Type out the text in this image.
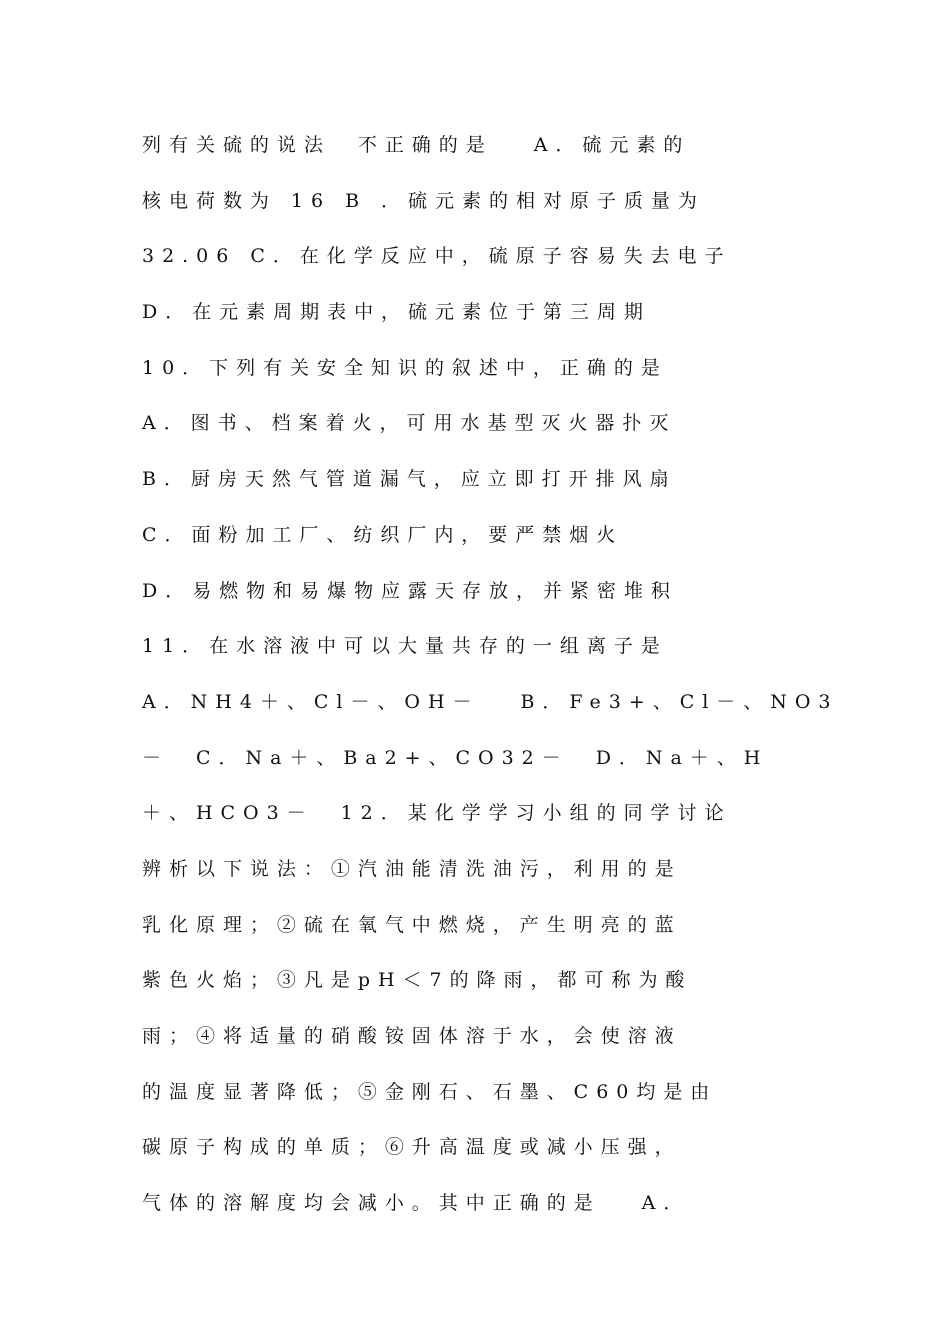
列有关硫的说法　不正确的是　 A．硫元素的
核电荷数为 16 B ．硫元素的相对原子质量为
32.06 C．在化学反应中，硫原子容易失去电子
D．在元素周期表中，硫元素位于第三周期
10．下列有关安全知识的叙述中，正确的是
A．图书、档案着火，可用水基型灭火器扑灭
B．厨房天然气管道漏气，应立即打开排风扇
C．面粉加工厂、纺织厂内，要严禁烟火
D．易燃物和易爆物应露天存放，并紧密堆积
11．在水溶液中可以大量共存的一组离子是
A．NH4＋、Cl－、OH－　 B．Fe3+、Cl－、NO3
－　C．Na＋、Ba2+、CO32－　D．Na＋、H
＋、HCO3－　12．某化学学习小组的同学讨论
辨析以下说法：①汽油能清洗油污，利用的是
乳化原理；②硫在氧气中燃烧，产生明亮的蓝
紫色火焰；③凡是pH＜7的降雨，都可称为酸
雨；④将适量的硝酸铵固体溶于水，会使溶液
的温度显著降低；⑤金刚石、石墨、C60均是由
碳原子构成的单质；⑥升高温度或减小压强，
气体的溶解度均会减小。其中正确的是　 A．
